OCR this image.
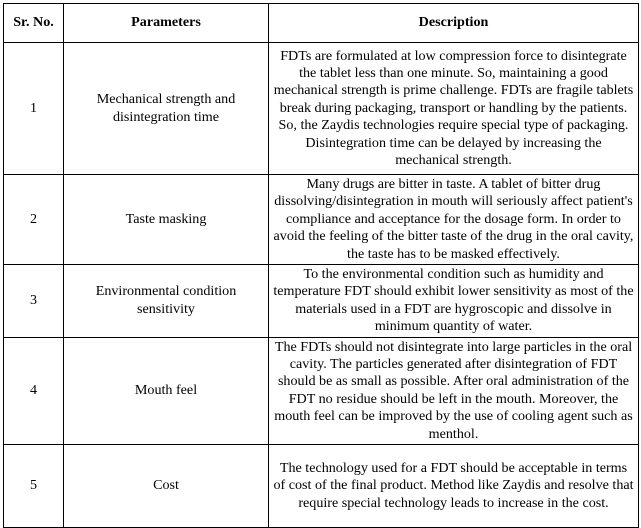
Sr. No.	Parameters	Description
1	Mechanical strength and disintegration time	FDTs are formulated at low compression force to disintegrate the tablet less than one minute. So, maintaining a good mechanical strength is prime challenge. FDTs are fragile tablets break during packaging, transport or handling by the patients. So, the Zaydis technologies require special type of packaging. Disintegration time can be delayed by increasing the mechanical strength.
2	Taste masking	Many drugs are bitter in taste. A tablet of bitter drug dissolving/disintegration in mouth will seriously affect patient's compliance and acceptance for the dosage form. In order to avoid the feeling of the bitter taste of the drug in the oral cavity, the taste has to be masked effectively.
3	Environmental condition sensitivity	To the environmental condition such as humidity and temperature FDT should exhibit lower sensitivity as most of the materials used in a FDT are hygroscopic and dissolve in minimum quantity of water.
4	Mouth feel	The FDTs should not disintegrate into large particles in the oral cavity. The particles generated after disintegration of FDT should be as small as possible. After oral administration of the FDT no residue should be left in the mouth. Moreover, the mouth feel can be improved by the use of cooling agent such as menthol.
5	Cost	The technology used for a FDT should be acceptable in terms of cost of the final product. Method like Zaydis and resolve that require special technology leads to increase in the cost.
